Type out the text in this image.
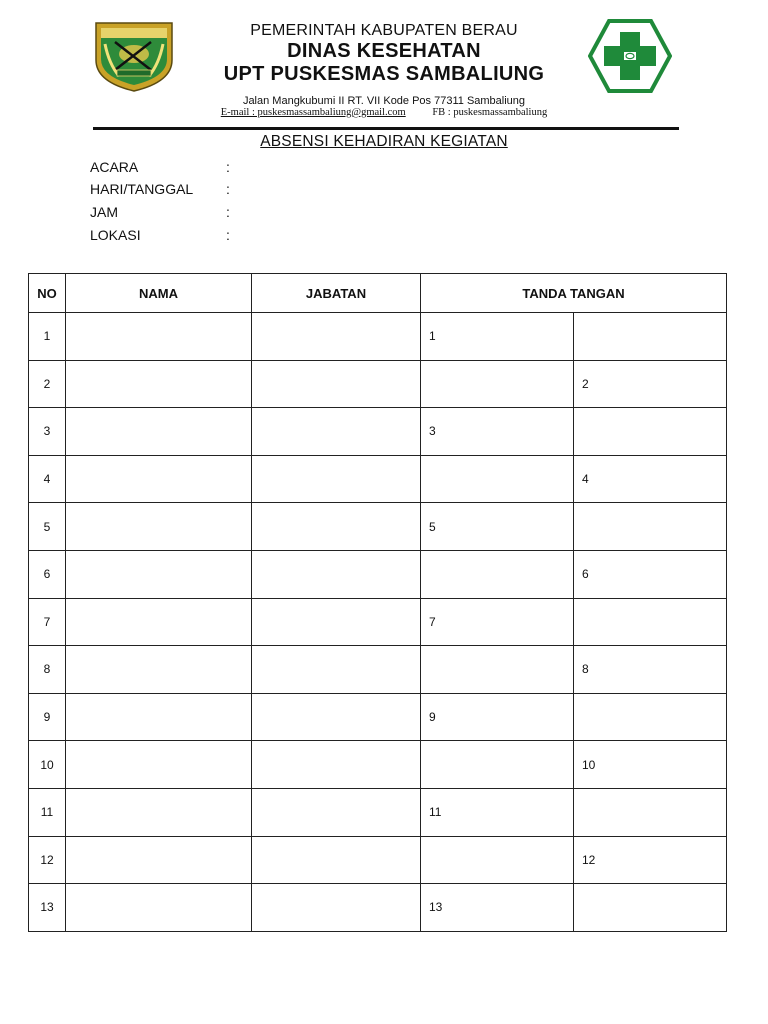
PEMERINTAH KABUPATEN BERAU
DINAS KESEHATAN
UPT PUSKESMAS SAMBALIUNG
Jalan Mangkubumi II RT. VII Kode Pos 77311 Sambaliung
E-mail : puskesmassambaliung@gmail.com	FB : puskesmassambaliung
ABSENSI KEHADIRAN KEGIATAN
ACARA	:
HARI/TANGGAL :
JAM	:
LOKASI	:
NO	NAMA	JABATAN	TANDA TANGAN	
1			1	
2				2
3			3	
4				4
5			5	
6				6
7			7	
8				8
9			9	
10				10
11			11	
12				12
13			13	
